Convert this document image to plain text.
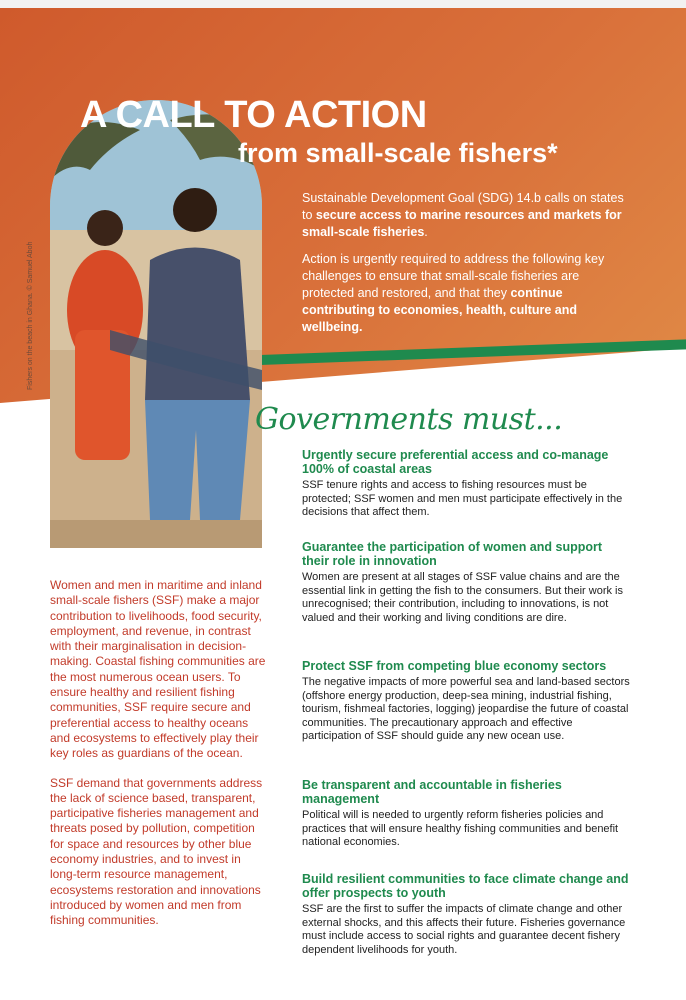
Fishers on the beach in Ghana. © Samuel Aboh
A CALL TO ACTION
from small-scale fishers*

Sustainable Development Goal (SDG) 14.b calls on states to secure access to marine resources and markets for small-scale fisheries.

Action is urgently required to address the following key challenges to ensure that small-scale fisheries are protected and restored, and that they continue contributing to economies, health, culture and wellbeing.

Governments must...
Urgently secure preferential access and co-manage 100% of coastal areas

SSF tenure rights and access to fishing resources must be protected; SSF women and men must participate effectively in the decisions that affect them.

Guarantee the participation of women and support their role in innovation

Women are present at all stages of SSF value chains and are the essential link in getting the fish to the consumers. But their work is unrecognised; their contribution, including to innovations, is not valued and their working and living conditions are dire.

Protect SSF from competing blue economy sectors

The negative impacts of more powerful sea and land-based sectors (offshore energy production, deep-sea mining, industrial fishing, tourism, fishmeal factories, logging) jeopardise the future of coastal communities. The precautionary approach and effective participation of SSF should guide any new ocean use.

Be transparent and accountable in fisheries management

Political will is needed to urgently reform fisheries policies and practices that will ensure healthy fishing communities and benefit national economies.

Build resilient communities to face climate change and offer prospects to youth

SSF are the first to suffer the impacts of climate change and other external shocks, and this affects their future. Fisheries governance must include access to social rights and guarantee decent fishery dependent livelihoods for youth.

Women and men in maritime and inland small-scale fishers (SSF) make a major contribution to livelihoods, food security, employment, and revenue, in contrast with their marginalisation in decision-making. Coastal fishing communities are the most numerous ocean users. To ensure healthy and resilient fishing communities, SSF require secure and preferential access to healthy oceans and ecosystems to effectively play their key roles as guardians of the ocean.

SSF demand that governments address the lack of science based, transparent, participative fisheries management and threats posed by pollution, competition for space and resources by other blue economy industries, and to invest in long-term resource management, ecosystems restoration and innovations introduced by women and men from fishing communities.
